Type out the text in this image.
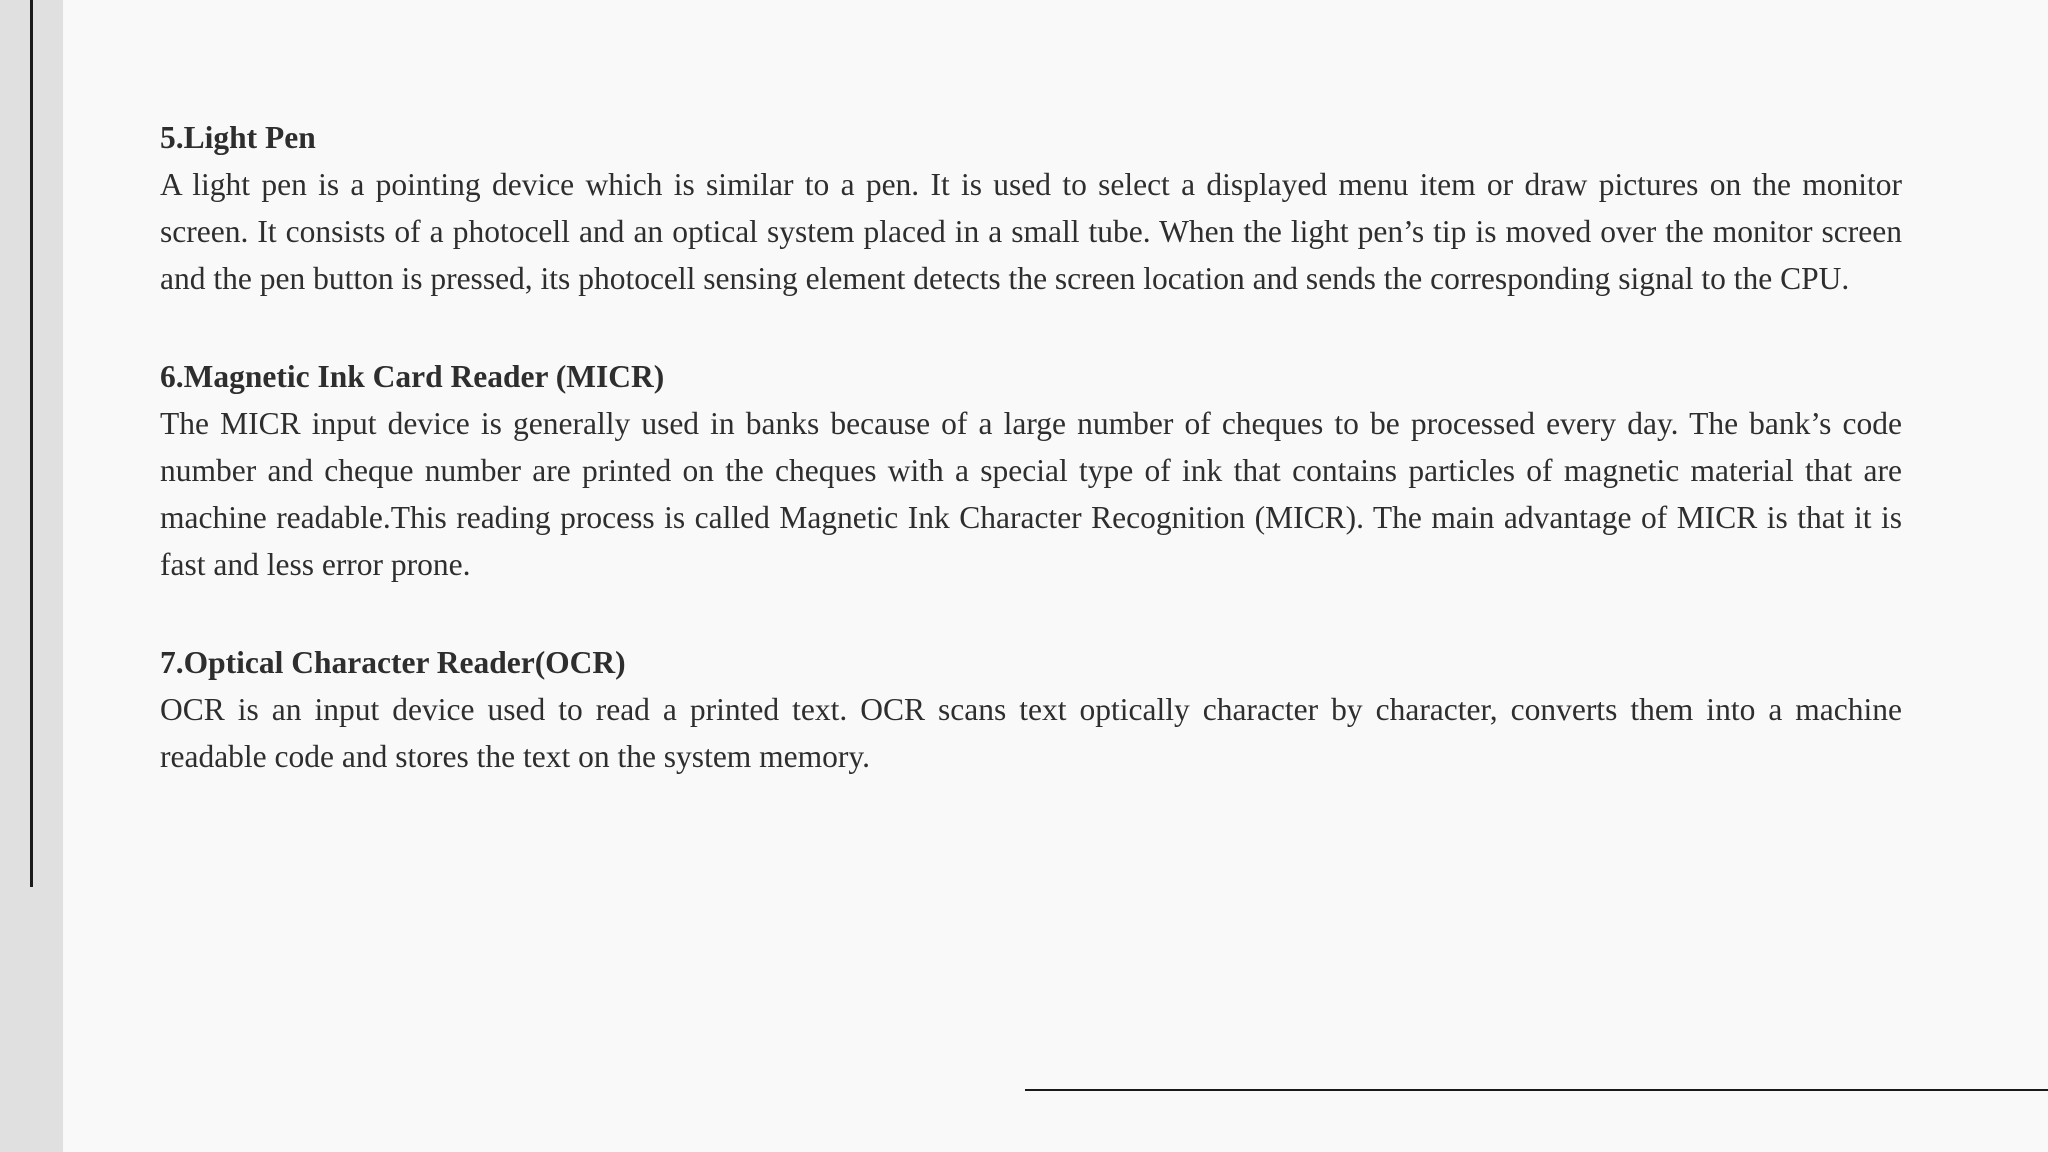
5.Light Pen

A light pen is a pointing device which is similar to a pen. It is used to select a displayed menu item or draw pictures on the monitor screen. It consists of a photocell and an optical system placed in a small tube. When the light pen’s tip is moved over the monitor screen and the pen button is pressed, its photocell sensing element detects the screen location and sends the corresponding signal to the CPU.

6.Magnetic Ink Card Reader (MICR)

The MICR input device is generally used in banks because of a large number of cheques to be processed every day. The bank’s code number and cheque number are printed on the cheques with a special type of ink that contains particles of magnetic material that are machine readable.This reading process is called Magnetic Ink Character Recognition (MICR). The main advantage of MICR is that it is fast and less error prone.

7.Optical Character Reader(OCR)

OCR is an input device used to read a printed text. OCR scans text optically character by character, converts them into a machine readable code and stores the text on the system memory.
